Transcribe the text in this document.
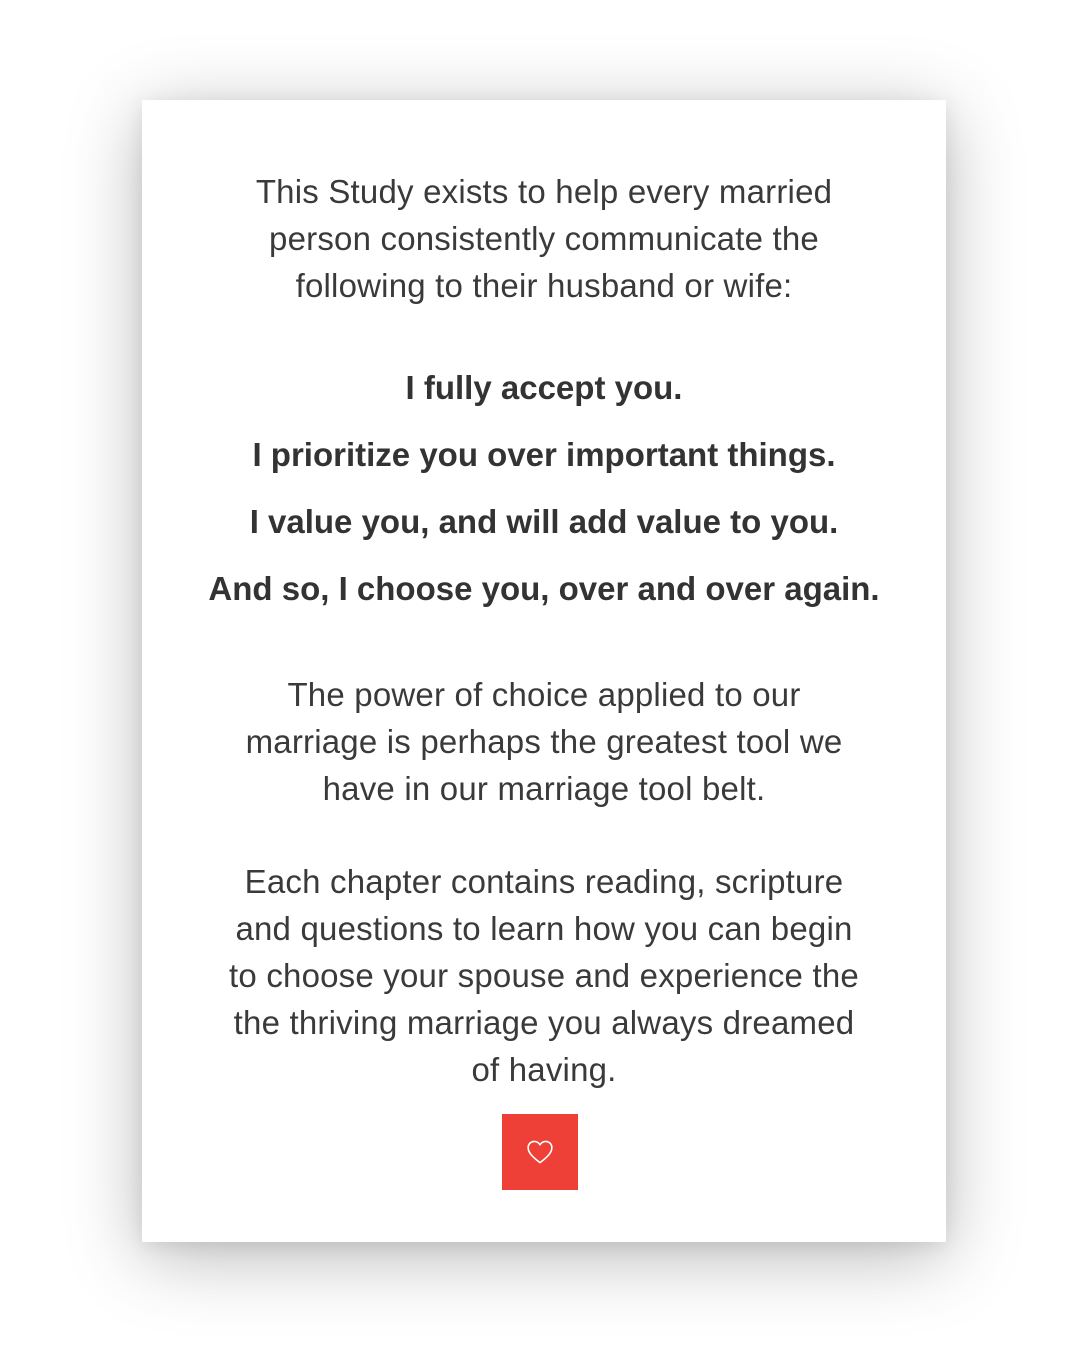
This Study exists to help every married
person consistently communicate the
following to their husband or wife:

I fully accept you.

I prioritize you over important things.

I value you, and will add value to you.

And so, I choose you, over and over again.

The power of choice applied to our
marriage is perhaps the greatest tool we
have in our marriage tool belt.

Each chapter contains reading, scripture
and questions to learn how you can begin
to choose your spouse and experience the
the thriving marriage you always dreamed
of having.
